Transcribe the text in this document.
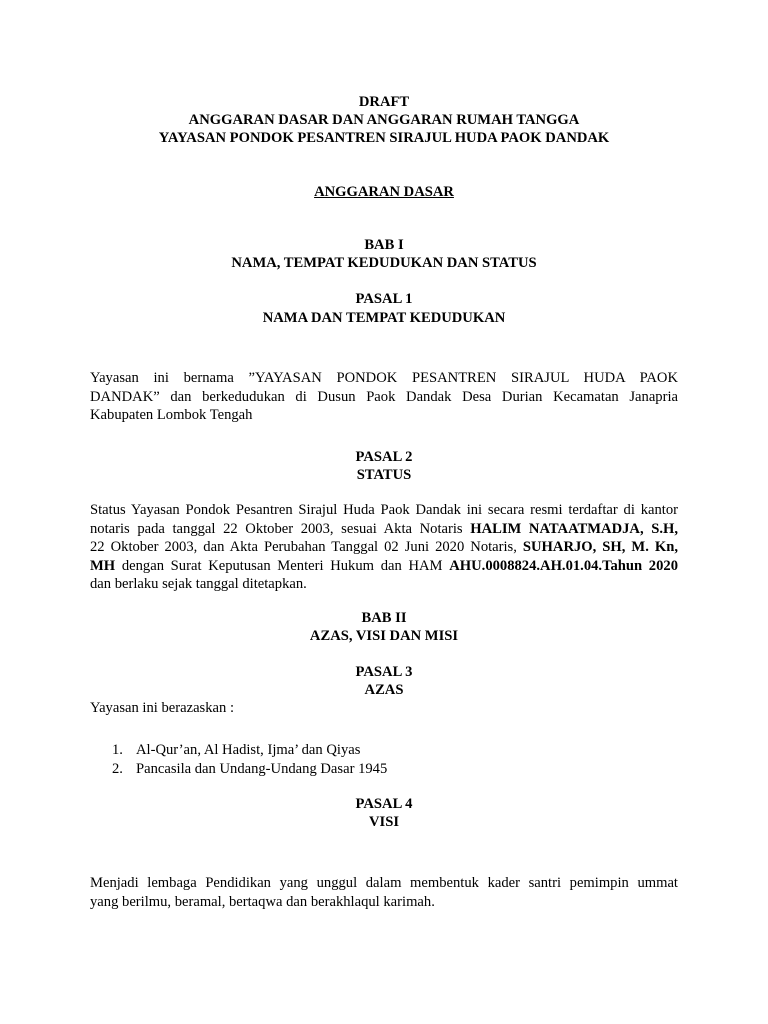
DRAFT
ANGGARAN DASAR DAN ANGGARAN RUMAH TANGGA
YAYASAN PONDOK PESANTREN SIRAJUL HUDA PAOK DANDAK
ANGGARAN DASAR
BAB I
NAMA, TEMPAT KEDUDUKAN DAN STATUS
PASAL 1
NAMA DAN TEMPAT KEDUDUKAN
Yayasan ini bernama ”YAYASAN PONDOK PESANTREN SIRAJUL HUDA PAOK
DANDAK” dan berkedudukan di Dusun Paok Dandak Desa Durian Kecamatan Janapria
Kabupaten Lombok Tengah
PASAL 2
STATUS
Status Yayasan Pondok Pesantren Sirajul Huda Paok Dandak ini secara resmi terdaftar di kantor
notaris pada tanggal 22 Oktober 2003, sesuai Akta Notaris HALIM NATAATMADJA, S.H,
22 Oktober 2003, dan Akta Perubahan Tanggal 02 Juni 2020 Notaris, SUHARJO, SH, M. Kn,
MH dengan Surat Keputusan Menteri Hukum dan HAM AHU.0008824.AH.01.04.Tahun 2020
dan berlaku sejak tanggal ditetapkan.
BAB II
AZAS, VISI DAN MISI
PASAL 3
AZAS
Yayasan ini berazaskan :
1. Al-Qur’an, Al Hadist, Ijma’ dan Qiyas
2. Pancasila dan Undang-Undang Dasar 1945
PASAL 4
VISI
Menjadi lembaga Pendidikan yang unggul dalam membentuk kader santri pemimpin ummat
yang berilmu, beramal, bertaqwa dan berakhlaqul karimah.
